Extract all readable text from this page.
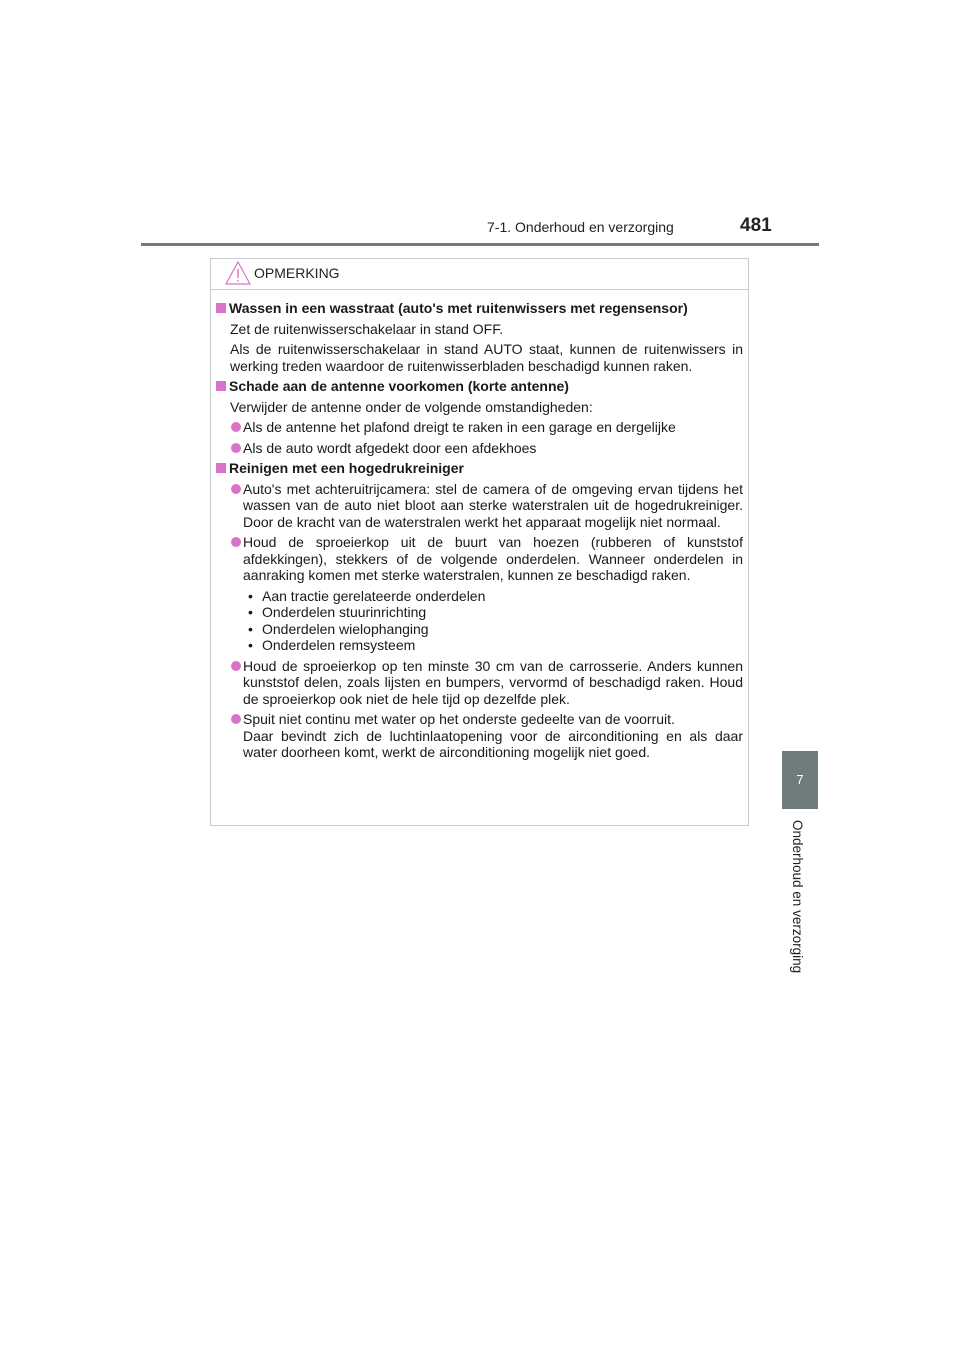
7-1. Onderhoud en verzorging	481
7
Onderhoud en verzorging
OPMERKING
Wassen in een wasstraat (auto's met ruitenwissers met regensensor)
Zet de ruitenwisserschakelaar in stand OFF.
Als de ruitenwisserschakelaar in stand AUTO staat, kunnen de ruitenwissers in werking treden waardoor de ruitenwisserbladen beschadigd kunnen raken.
Schade aan de antenne voorkomen (korte antenne)
Verwijder de antenne onder de volgende omstandigheden:
Als de antenne het plafond dreigt te raken in een garage en dergelijke
Als de auto wordt afgedekt door een afdekhoes
Reinigen met een hogedrukreiniger
Auto's met achteruitrijcamera: stel de camera of de omgeving ervan tijdens het wassen van de auto niet bloot aan sterke waterstralen uit de hogedrukreiniger. Door de kracht van de waterstralen werkt het apparaat mogelijk niet normaal.
Houd de sproeierkop uit de buurt van hoezen (rubberen of kunststof afdekkingen), stekkers of de volgende onderdelen. Wanneer onderdelen in aanraking komen met sterke waterstralen, kunnen ze beschadigd raken.
• Aan tractie gerelateerde onderdelen
• Onderdelen stuurinrichting
• Onderdelen wielophanging
• Onderdelen remsysteem
Houd de sproeierkop op ten minste 30 cm van de carrosserie. Anders kunnen kunststof delen, zoals lijsten en bumpers, vervormd of beschadigd raken. Houd de sproeierkop ook niet de hele tijd op dezelfde plek.
Spuit niet continu met water op het onderste gedeelte van de voorruit.
Daar bevindt zich de luchtinlaatopening voor de airconditioning en als daar water doorheen komt, werkt de airconditioning mogelijk niet goed.
